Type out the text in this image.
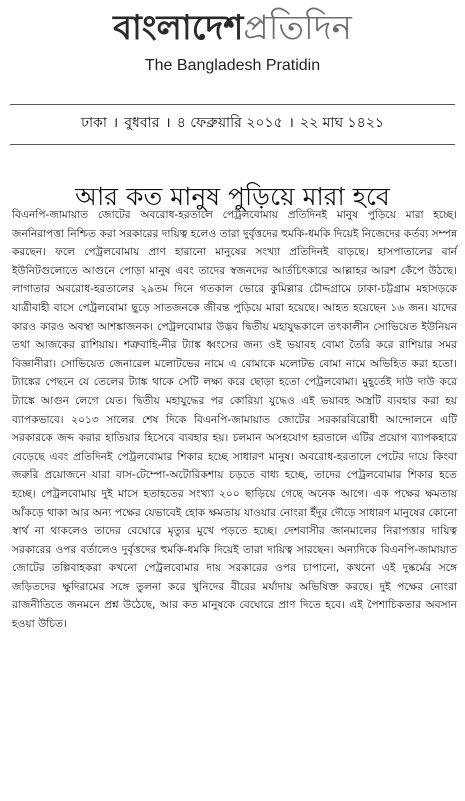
বাংলাদেশপ্রতিদিন
The Bangladesh Pratidin
ঢাকা । বুধবার । ৪ ফেব্রুয়ারি ২০১৫ । ২২ মাঘ ১৪২১
আর কত মানুষ পুড়িয়ে মারা হবে

বিএনপি-জামায়াত জোটের অবরোধ-হরতালে পেট্রলবোমায় প্রতিদিনই মানুষ পুড়িয়ে মারা হচ্ছে। জননিরাপত্তা নিশ্চিত করা সরকারের দায়িত্ব হলেও তারা দুর্বৃত্তদের হুমকি-ধমকি দিয়েই নিজেদের কর্তব্য সম্পন্ন করছেন। ফলে পেট্রলবোমায় প্রাণ হারানো মানুষের সংখ্যা প্রতিদিনই বাড়ছে। হাসপাতালের বার্ন ইউনিটগুলোতে আগুনে পোড়া মানুষ এবং তাদের স্বজনদের আর্তচিৎকারে আল্লাহর আরশ কেঁপে উঠছে। লাগাতার অবরোধ-হরতালের ২৯তম দিনে গতকাল ভোরে কুমিল্লার চৌদ্দগ্রামে ঢাকা-চট্টগ্রাম মহাসড়কে যাত্রীবাহী বাসে পেট্রলবোমা ছুড়ে সাতজনকে জীবন্ত পুড়িয়ে মারা হয়েছে। আহত হয়েছেন ১৬ জন। যাদের কারও কারও অবস্থা আশঙ্কাজনক। পেট্রলবোমার উদ্ভব দ্বিতীয় মহাযুদ্ধকালে তৎকালীন সোভিয়েত ইউনিয়ন তথা আজকের রাশিয়ায়। শত্রুবাহি-নীর ট্যাঙ্ক ধ্বংসের জন্য ওই ভয়াবহ বোমা তৈরি করে রাশিয়ার সমর বিজ্ঞানীরা। সোভিয়েত জেনারেল মলোটভের নামে এ বোমাকে মলোটভ বোমা নামে অভিহিত করা হতো। ট্যাঙ্কের পেছনে যে তেলের ট্যাঙ্ক থাকে সেটি লক্ষ্য করে ছোড়া হতো পেট্রলবোমা। মুহূর্তেই দাউ দাউ করে ট্যাঙ্কে আগুন লেগে যেত। দ্বিতীয় মহাযুদ্ধের পর কোরিয়া যুদ্ধেও এই ভয়াবহ অস্ত্রটি ব্যবহার করা হয় ব্যাপকভাবে। ২০১৩ সালের শেষ দিকে বিএনপি-জামায়াত জোটের সরকারবিরোধী আন্দোলনে এটি সরকারকে জব্দ করার হাতিয়ার হিসেবে ব্যবহার হয়। চলমান অসহযোগ হরতালে এটির প্রয়োগ ব্যাপকহারে বেড়েছে এবং প্রতিদিনই পেট্রলবোমার শিকার হচ্ছে সাধারণ মানুষ। অবরোধ-হরতালে পেটের দায়ে কিংবা জরুরি প্রয়োজনে যারা বাস-টেম্পো-অটোরিকশায় চড়তে বাধ্য হচ্ছে, তাদের পেট্রলবোমার শিকার হতে হচ্ছে। পেট্রলবোমায় দুই মাসে হতাহতের সংখ্যা ২০০ ছাড়িয়ে গেছে অনেক আগে। এক পক্ষের ক্ষমতায় আঁকড়ে থাকা আর অন্য পক্ষের যেভাবেই হোক ক্ষমতায় যাওয়ার নোংরা ইঁদুর দৌড়ে সাধারণ মানুষের কোনো স্বার্থ না থাকলেও তাদের বেঘোরে মৃত্যুর মুখে পড়তে হচ্ছে। দেশবাসীর জানমালের নিরাপত্তার দায়িত্ব সরকারের ওপর বর্তালেও দুর্বৃত্তদের হুমকি-ধমকি দিয়েই তারা দায়িত্ব সারছেন। অন্যদিকে বিএনপি-জামায়াত জোটের তল্পিবাহকরা কখনো পেট্রলবোমার দায় সরকারের ওপর চাপানো, কখনো এই দুষ্কর্মের সঙ্গে জড়িতদের ক্ষুদিরামের সঙ্গে তুলনা করে খুনিদের বীরের মর্যাদায় অভিষিক্ত করছে। দুই পক্ষের নোংরা রাজনীতিতে জনমনে প্রশ্ন উঠেছে, আর কত মানুষকে বেঘোরে প্রাণ দিতে হবে। এই পৈশাচিকতার অবসান হওয়া উচিত।
